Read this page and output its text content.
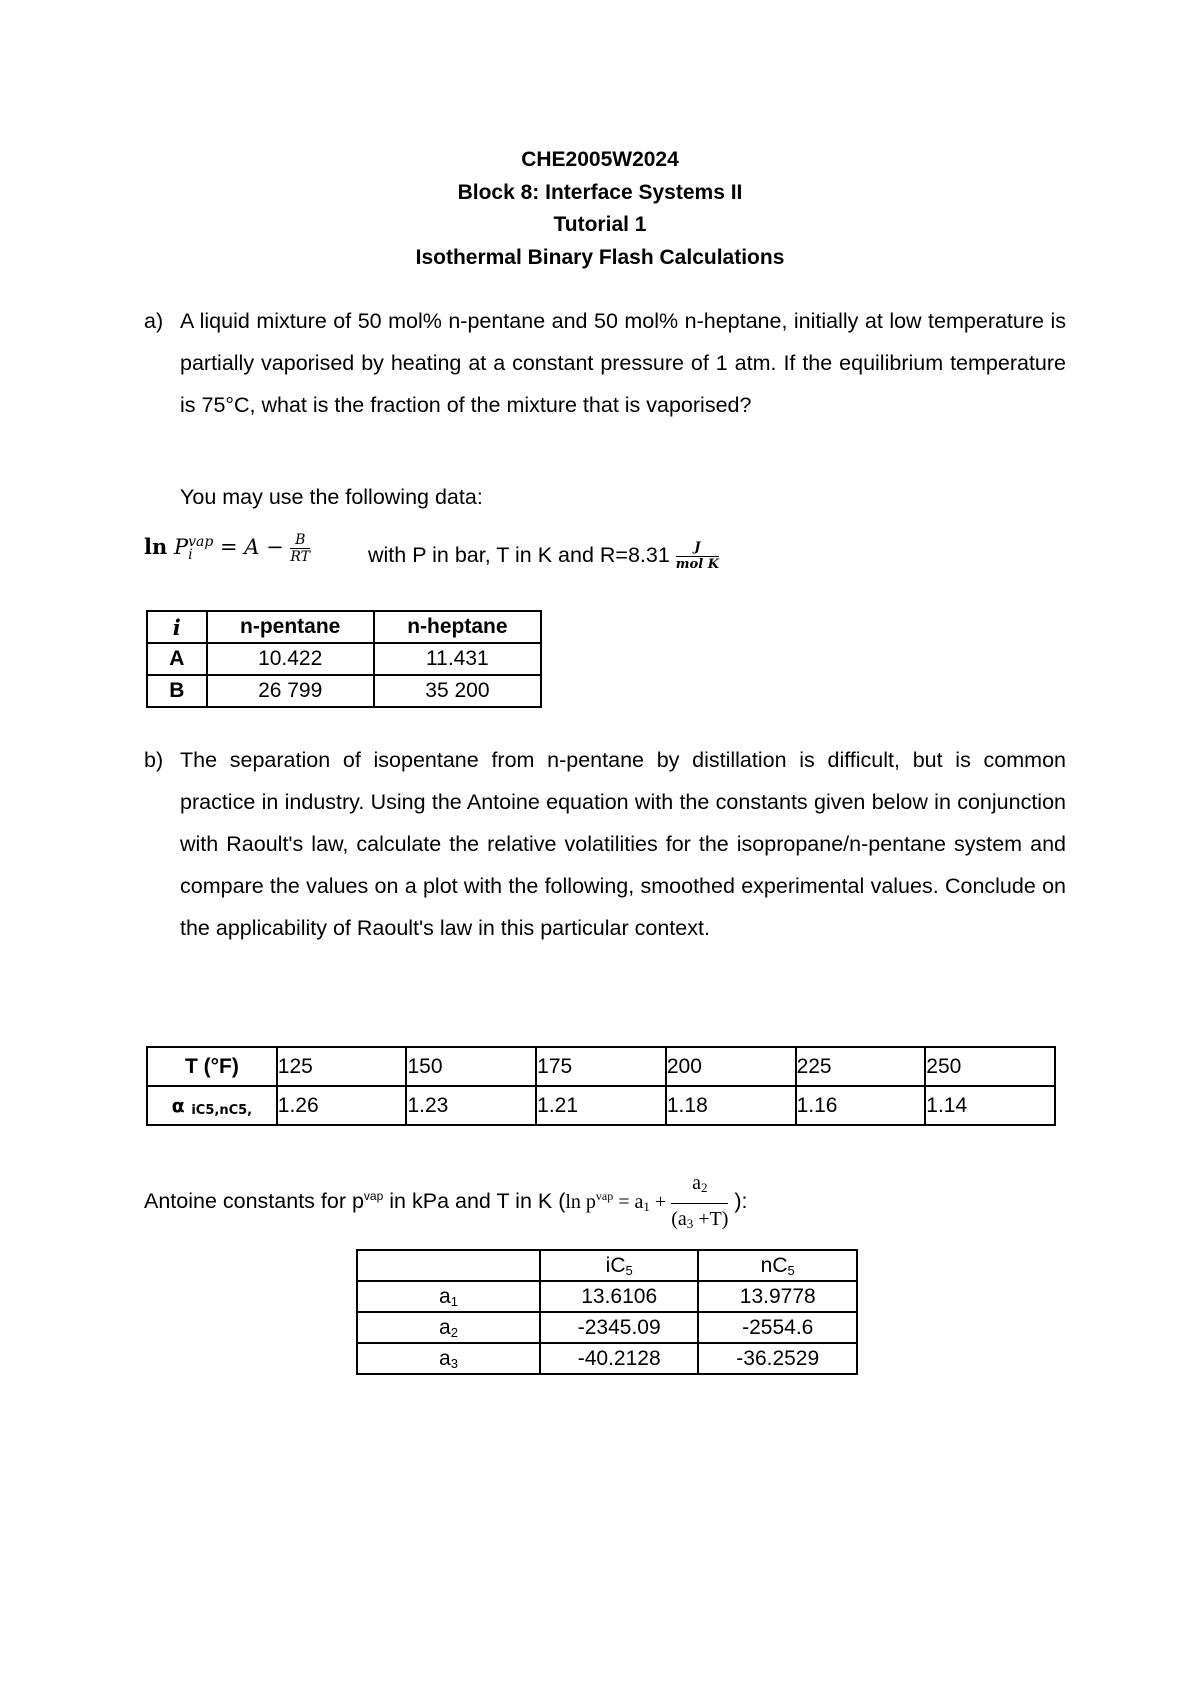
CHE2005W2024
Block 8: Interface Systems II
Tutorial 1
Isothermal Binary Flash Calculations
a) A liquid mixture of 50 mol% n-pentane and 50 mol% n-heptane, initially at low temperature is partially vaporised by heating at a constant pressure of 1 atm. If the equilibrium temperature is 75°C, what is the fraction of the mixture that is vaporised?
You may use the following data:
ln P vap
i	= $A - \frac{B}{RT}$	with P in bar, T in K and $R=8.31 \frac{J}{\text{mol K}}$
i	n-pentane	n-heptane
A	10.422	11.431
B	26 799	35 200
b) The separation of isopentane from n-pentane by distillation is difficult, but is common practice in industry. Using the Antoine equation with the constants given below in conjunction with Raoult's law, calculate the relative volatilities for the isopropane/n-pentane system and compare the values on a plot with the following, smoothed experimental values. Conclude on the applicability of Raoult's law in this particular context.
T (°F)	125	150	175	200	225	250
α $_{iC5,nC5,}$	1.26	1.23	1.21	1.18	1.16	1.14
Antoine constants for $p^{vap}$ in kPa and T in K (ln $p^{vap} = a_1 + \frac{a_2}{(a_3 +T)}$ ):
	$iC_5$	$nC_5$
$a_1$	13.6106	13.9778
$a_2$	-2345.09	-2554.6
$a_3$	-40.2128	-36.2529
